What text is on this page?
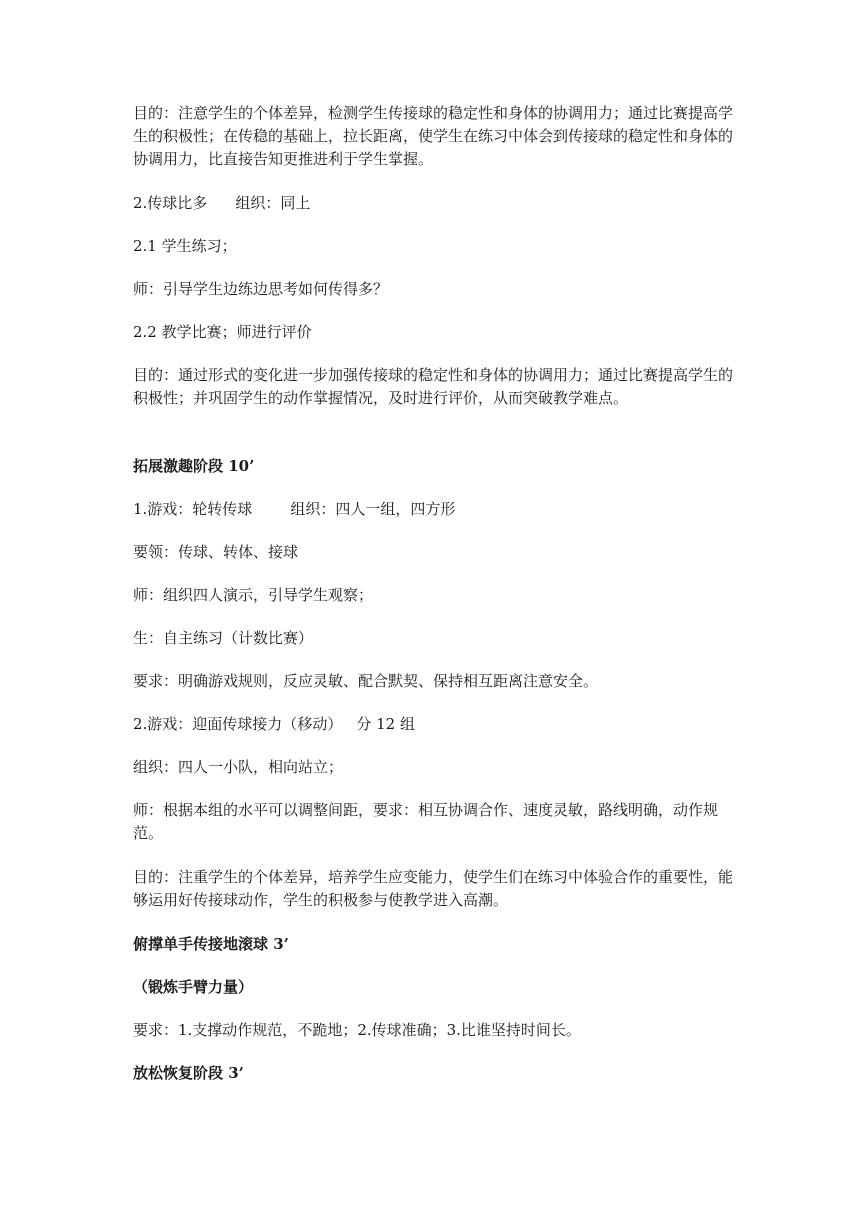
目的：注意学生的个体差异，检测学生传接球的稳定性和身体的协调用力；通过比赛提高学生的积极性；在传稳的基础上，拉长距离，使学生在练习中体会到传接球的稳定性和身体的协调用力，比直接告知更推进利于学生掌握。

2.传球比多 组织：同上

2.1 学生练习；

师：引导学生边练边思考如何传得多？

2.2 教学比赛；师进行评价

目的：通过形式的变化进一步加强传接球的稳定性和身体的协调用力；通过比赛提高学生的积极性；并巩固学生的动作掌握情况，及时进行评价，从而突破教学难点。

拓展激趣阶段 10’

1.游戏：轮转传球	组织：四人一组，四方形

要领：传球、转体、接球

师：组织四人演示，引导学生观察；

生：自主练习（计数比赛）

要求：明确游戏规则，反应灵敏、配合默契、保持相互距离注意安全。

2.游戏：迎面传球接力（移动） 分 12 组

组织：四人一小队，相向站立；

师：根据本组的水平可以调整间距，要求：相互协调合作、速度灵敏，路线明确，动作规范。

目的：注重学生的个体差异，培养学生应变能力，使学生们在练习中体验合作的重要性，能够运用好传接球动作，学生的积极参与使教学进入高潮。

俯撑单手传接地滚球 3’

（锻炼手臂力量）

要求：1.支撑动作规范，不跪地；2.传球准确；3.比谁坚持时间长。

放松恢复阶段 3’
